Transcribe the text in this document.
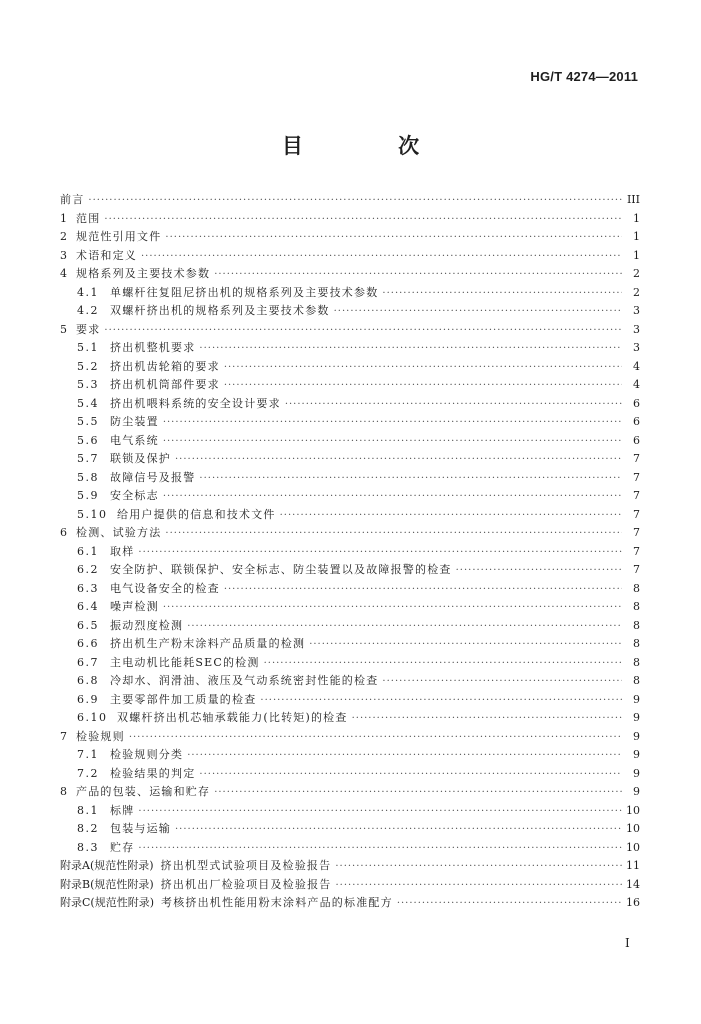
HG/T 4274—2011
目 次
前言 ·····	III
1 范围 ·····	1
2 规范性引用文件 ·····	1
3 术语和定义 ·····	1
4 规格系列及主要技术参数 ·····	2
4.1	单螺杆往复阻尼挤出机的规格系列及主要技术参数 ·····	2
4.2	双螺杆挤出机的规格系列及主要技术参数 ·····	3
5 要求 ·····	3
5.1	挤出机整机要求 ·····	3
5.2	挤出机齿轮箱的要求 ·····	4
5.3	挤出机机筒部件要求 ·····	4
5.4	挤出机喂料系统的安全设计要求 ·····	6
5.5	防尘装置 ·····	6
5.6	电气系统 ·····	6
5.7	联锁及保护 ·····	7
5.8	故障信号及报警 ·····	7
5.9	安全标志 ·····	7
5.10 给用户提供的信息和技术文件 ·····	7
6 检测、试验方法 ·····	7
6.1	取样 ·····	7
6.2	安全防护、联锁保护、安全标志、防尘装置以及故障报警的检查 ·····	7
6.3	电气设备安全的检查 ·····	8
6.4	噪声检测 ·····	8
6.5	振动烈度检测 ·····	8
6.6	挤出机生产粉末涂料产品质量的检测 ·····	8
6.7	主电动机比能耗SEC的检测 ·····	8
6.8	冷却水、润滑油、液压及气动系统密封性能的检查 ·····	8
6.9	主要零部件加工质量的检查 ·····	9
6.10 双螺杆挤出机芯轴承载能力(比转矩)的检查 ·····	9
7 检验规则 ·····	9
7.1	检验规则分类 ·····	9
7.2	检验结果的判定 ·····	9
8 产品的包装、运输和贮存 ·····	9
8.1	标牌 ·····	10
8.2	包装与运输 ·····	10
8.3	贮存 ·····	10
附录A(规范性附录) 挤出机型式试验项目及检验报告 ·····	11
附录B(规范性附录) 挤出机出厂检验项目及检验报告 ·····	14
附录C(规范性附录) 考核挤出机性能用粉末涂料产品的标准配方 ·····	16
I
